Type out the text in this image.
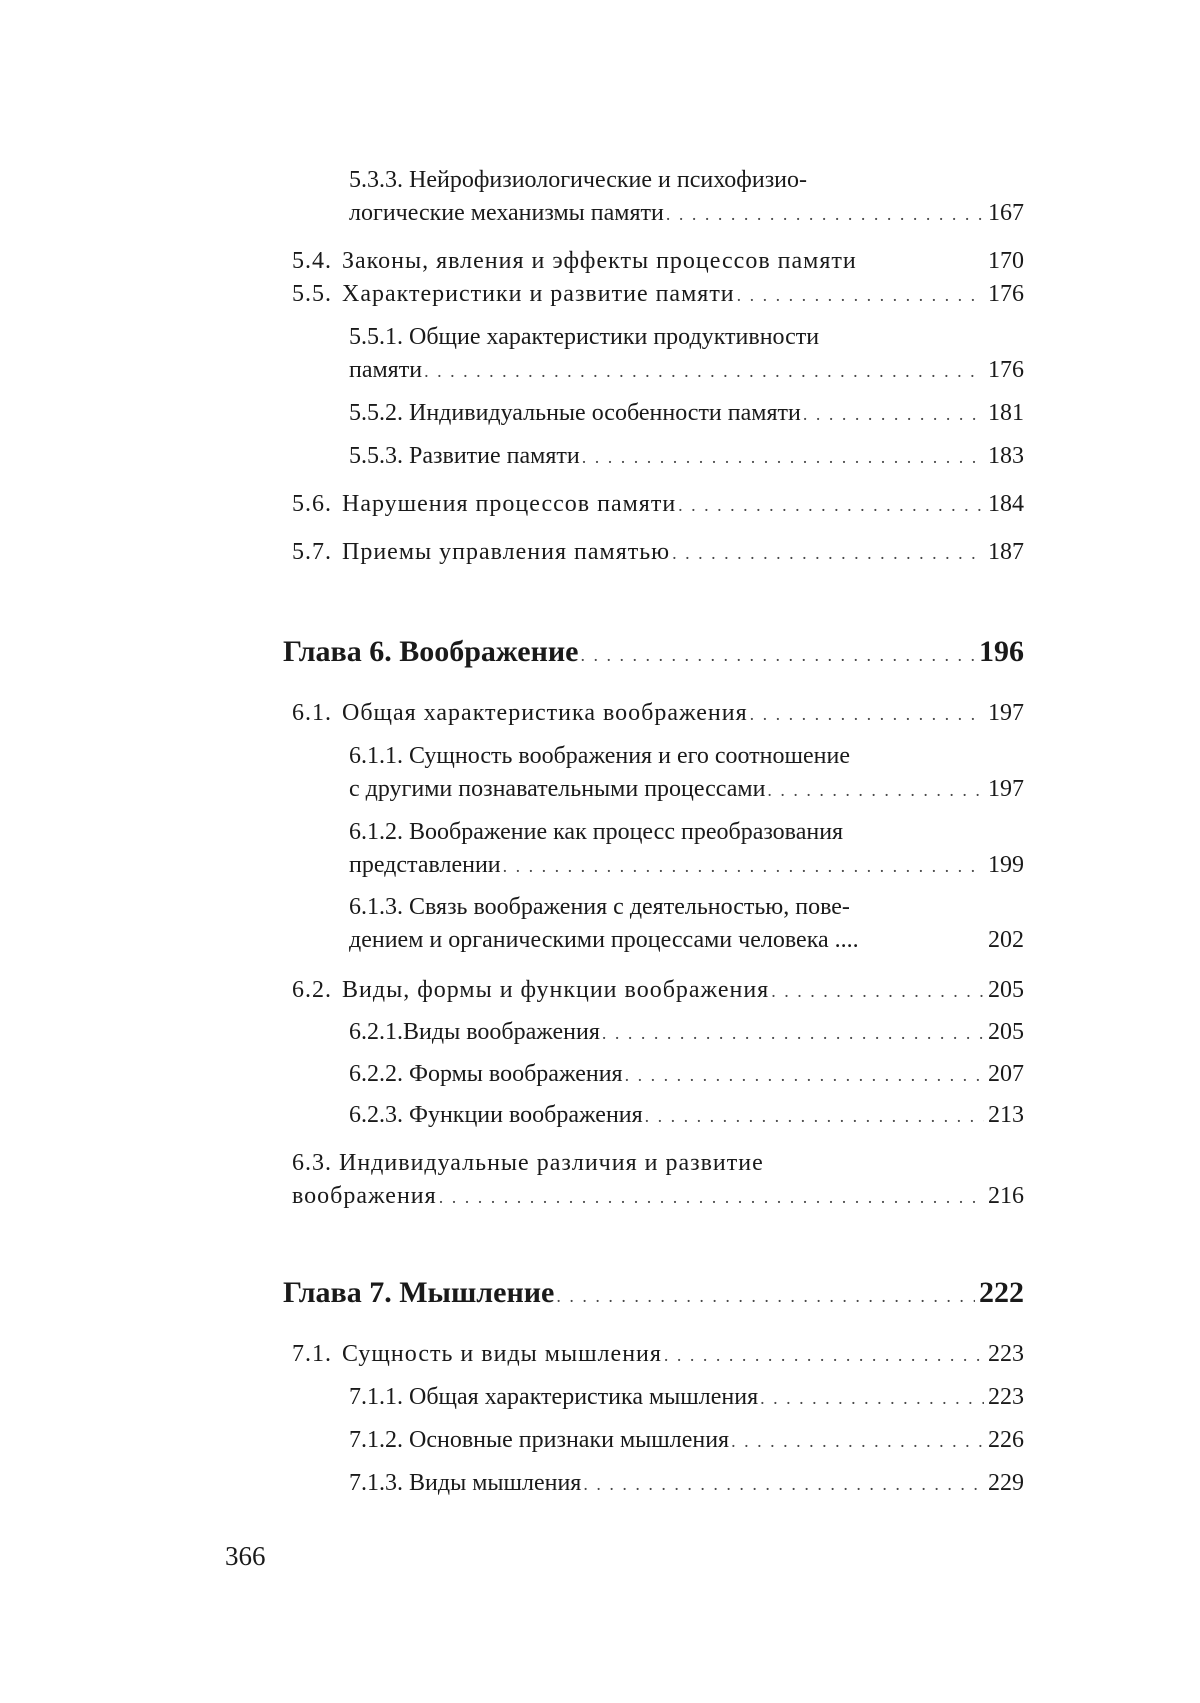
5.3.3. Нейрофизиологические и психофизио-
логические механизмы памяти . . .	167
5.4. Законы, явления и эффекты процессов памяти	170
5.5. Характеристики и развитие памяти . . .	176
5.5.1. Общие характеристики продуктивности
памяти . . .	176
5.5.2. Индивидуальные особенности памяти . . .	181
5.5.3. Развитие памяти . . .	183
5.6. Нарушения процессов памяти . . .	184
5.7. Приемы управления памятью . . .	187
Глава 6. Воображение . . .	196
6.1. Общая характеристика воображения . . .	197
6.1.1. Сущность воображения и его соотношение
с другими познавательными процессами . . .	197
6.1.2. Воображение как процесс преобразования
представлении . . .	199
6.1.3. Связь воображения с деятельностью, пове-
дением и органическими процессами человека ....	202
6.2. Виды, формы и функции воображения . . .	205
6.2.1.Виды воображения . . .	205
6.2.2. Формы воображения . . .	207
6.2.3. Функции воображения . . .	213
6.3. Индивидуальные различия и развитие
воображения . . .	216
Глава 7. Мышление . . .	222
7.1. Сущность и виды мышления . . .	223
7.1.1. Общая характеристика мышления . . .	223
7.1.2. Основные признаки мышления . . .	226
7.1.3. Виды мышления . . .	229
366
